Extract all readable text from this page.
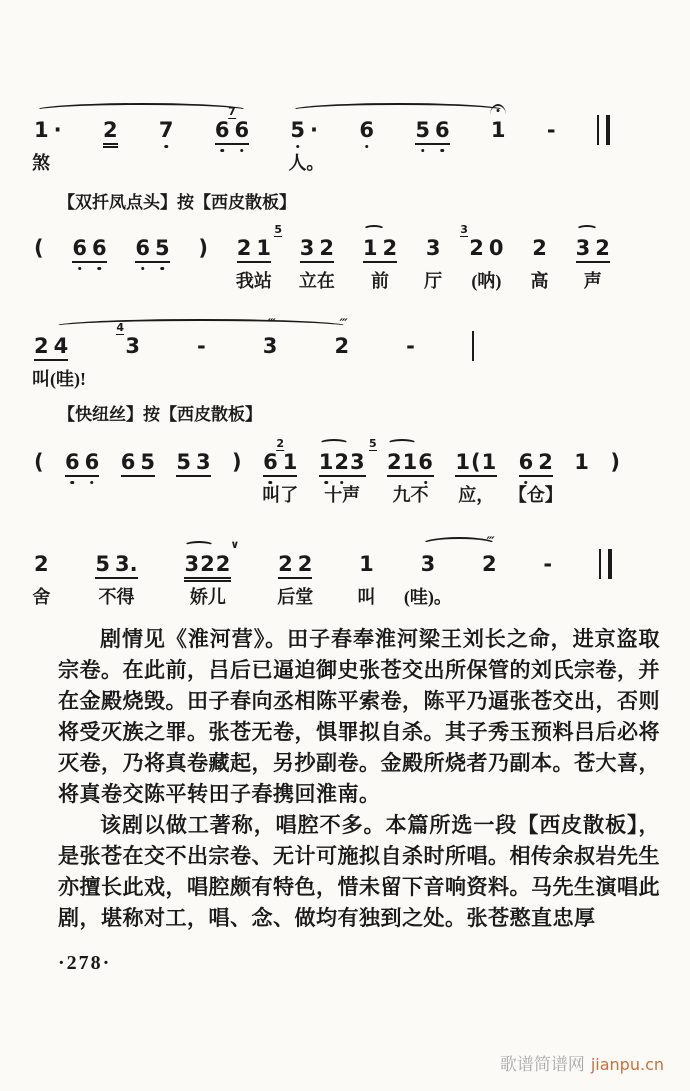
1 ·
煞
2 7 6 6
7
5 ·
人。
6 5 6 1 -
【双扦凤点头】按【西皮散板】
( 6 6 6 5 ) 2 1
5
我站
3 2
立在
1 2
前
3
厅
2 0
3
(呐)
2
高
3 2
声
2 4
叫(哇)!
3
4
-	3
‴
2
‴
-
【快纽丝】按【西皮散板】
( 6 6 6 5 5 3 ) 6 1
2
叫了
123
5
十声
216
九不
1(1
应，
6 2
【仓】
1 )
2
舍
5 3.
不得
322
∨
娇儿
2 2
后堂
1
叫
3
(哇)。
2
‴
-

剧情见《淮河营》。田子春奉淮河梁王刘长之命，进京盗取宗卷。在此前，吕后已逼迫御史张苍交出所保管的刘氏宗卷，并在金殿烧毁。田子春向丞相陈平索卷，陈平乃逼张苍交出，否则将受灭族之罪。张苍无卷，惧罪拟自杀。其子秀玉预料吕后必将灭卷，乃将真卷藏起，另抄副卷。金殿所烧者乃副本。苍大喜，将真卷交陈平转田子春携回淮南。

该剧以做工著称，唱腔不多。本篇所选一段【西皮散板】，是张苍在交不出宗卷、无计可施拟自杀时所唱。相传余叔岩先生亦擅长此戏，唱腔颇有特色，惜未留下音响资料。马先生演唱此剧，堪称对工，唱、念、做均有独到之处。张苍憨直忠厚

·278·
歌谱简谱网 jianpu.cn
